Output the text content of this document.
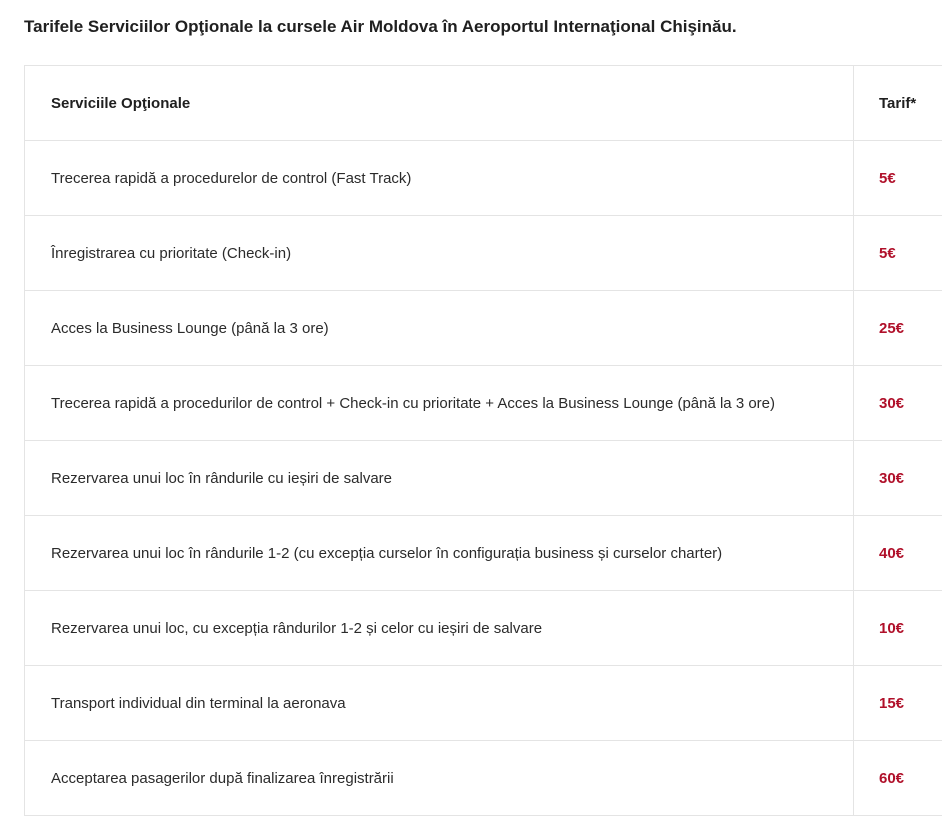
Tarifele Serviciilor Opţionale la cursele Air Moldova în Aeroportul Internaţional Chişinău.
Serviciile Opţionale	Tarif*
Trecerea rapidă a procedurelor de control (Fast Track)	5€
Înregistrarea cu prioritate (Check-in)	5€
Acces la Business Lounge (până la 3 ore)	25€
Trecerea rapidă a procedurilor de control + Check-in cu prioritate + Acces la Business Lounge (până la 3 ore)	30€
Rezervarea unui loc în rândurile cu ieșiri de salvare	30€
Rezervarea unui loc în rândurile 1-2 (cu excepția curselor în configurația business și curselor charter)	40€
Rezervarea unui loc, cu excepția rândurilor 1-2 și celor cu ieșiri de salvare	10€
Transport individual din terminal la aeronava	15€
Acceptarea pasagerilor după finalizarea înregistrării	60€
